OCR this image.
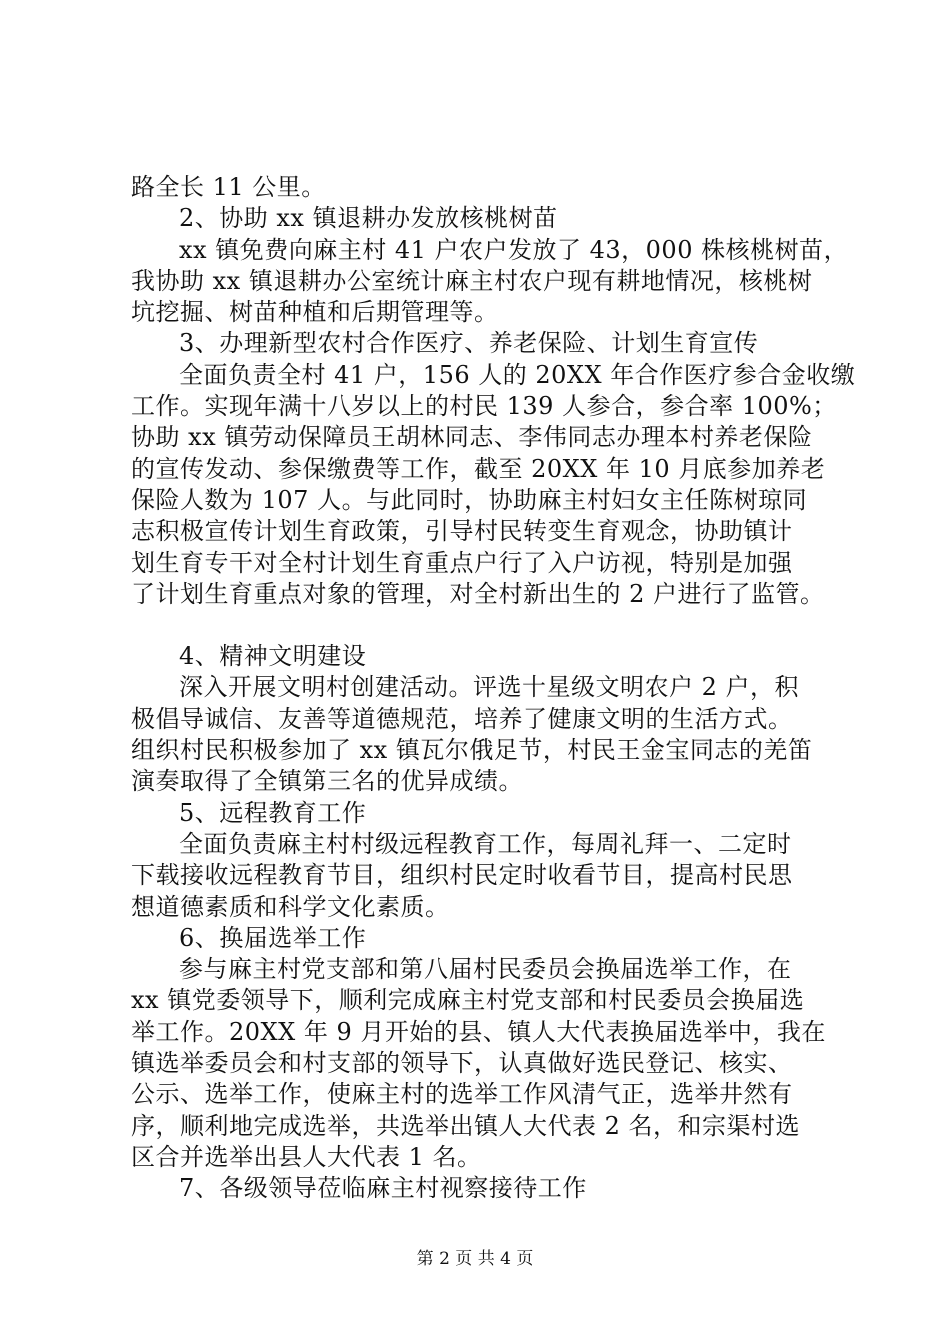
路全长 11 公里。
2、协助 xx 镇退耕办发放核桃树苗
xx 镇免费向麻主村 41 户农户发放了 43，000 株核桃树苗，
我协助 xx 镇退耕办公室统计麻主村农户现有耕地情况，核桃树
坑挖掘、树苗种植和后期管理等。
3、办理新型农村合作医疗、养老保险、计划生育宣传
全面负责全村 41 户，156 人的 20XX 年合作医疗参合金收缴
工作。实现年满十八岁以上的村民 139 人参合，参合率 100%；
协助 xx 镇劳动保障员王胡林同志、李伟同志办理本村养老保险
的宣传发动、参保缴费等工作，截至 20XX 年 10 月底参加养老
保险人数为 107 人。与此同时，协助麻主村妇女主任陈树琼同
志积极宣传计划生育政策，引导村民转变生育观念，协助镇计
划生育专干对全村计划生育重点户行了入户访视，特别是加强
了计划生育重点对象的管理，对全村新出生的 2 户进行了监管。
4、精神文明建设
深入开展文明村创建活动。评选十星级文明农户 2 户，积
极倡导诚信、友善等道德规范，培养了健康文明的生活方式。
组织村民积极参加了 xx 镇瓦尔俄足节，村民王金宝同志的羌笛
演奏取得了全镇第三名的优异成绩。
5、远程教育工作
全面负责麻主村村级远程教育工作，每周礼拜一、二定时
下载接收远程教育节目，组织村民定时收看节目，提高村民思
想道德素质和科学文化素质。
6、换届选举工作
参与麻主村党支部和第八届村民委员会换届选举工作，在
xx 镇党委领导下，顺利完成麻主村党支部和村民委员会换届选
举工作。20XX 年 9 月开始的县、镇人大代表换届选举中，我在
镇选举委员会和村支部的领导下，认真做好选民登记、核实、
公示、选举工作，使麻主村的选举工作风清气正，选举井然有
序，顺利地完成选举，共选举出镇人大代表 2 名，和宗渠村选
区合并选举出县人大代表 1 名。
7、各级领导莅临麻主村视察接待工作
第 2 页 共 4 页
